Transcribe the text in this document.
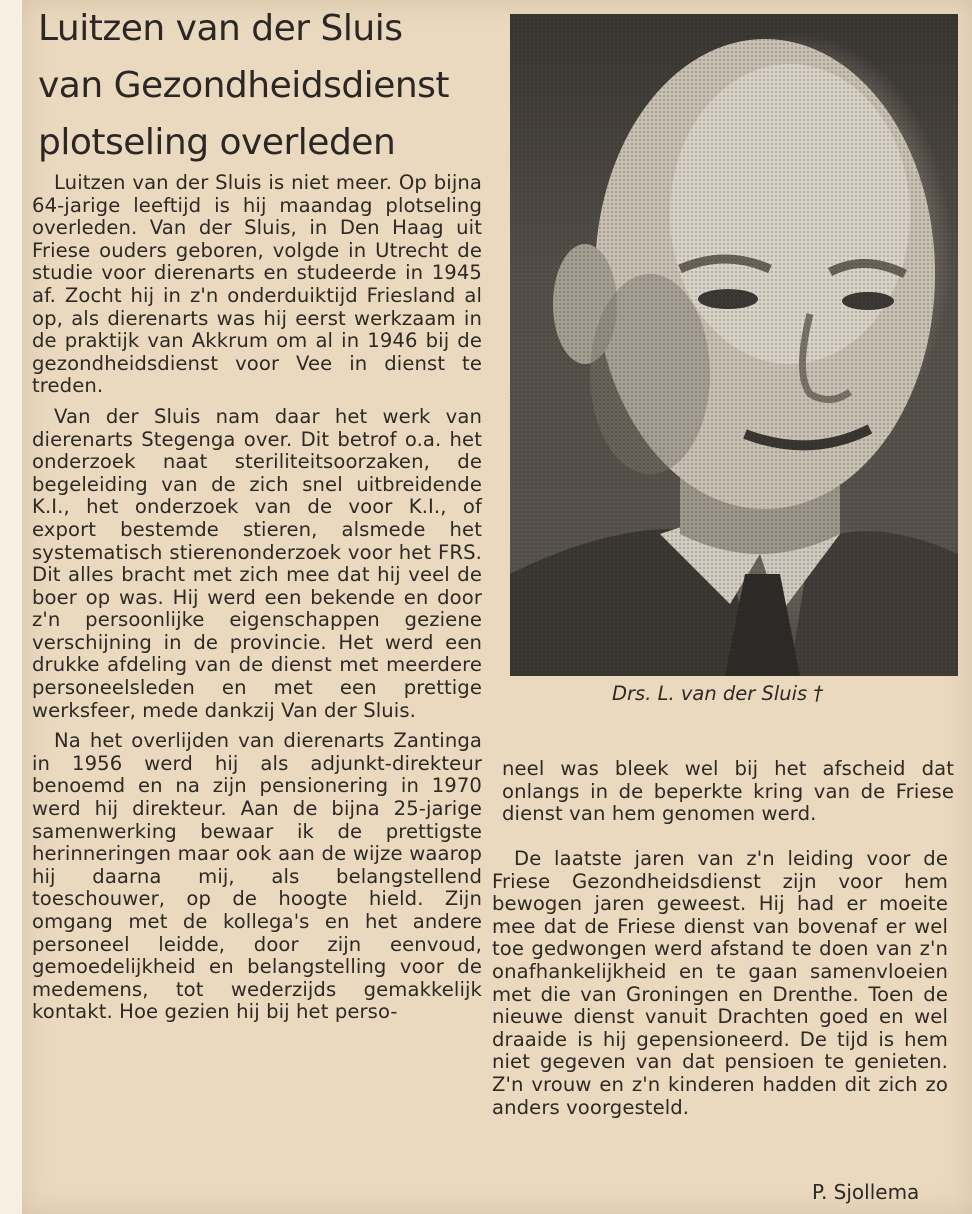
Luitzen van der Sluis
van Gezondheidsdienst
plotseling overleden

Luitzen van der Sluis is niet meer. Op bijna 64-jarige leeftijd is hij maandag plotseling overleden. Van der Sluis, in Den Haag uit Friese ouders geboren, volgde in Utrecht de studie voor dierenarts en studeerde in 1945 af. Zocht hij in z'n onderduiktijd Friesland al op, als dierenarts was hij eerst werkzaam in de praktijk van Akkrum om al in 1946 bij de gezondheidsdienst voor Vee in dienst te treden.

Van der Sluis nam daar het werk van dierenarts Stegenga over. Dit betrof o.a. het onderzoek naat steriliteitsoorzaken, de begeleiding van de zich snel uitbreidende K.I., het onderzoek van de voor K.I., of export bestemde stieren, alsmede het systematisch stierenonderzoek voor het FRS. Dit alles bracht met zich mee dat hij veel de boer op was. Hij werd een bekende en door z'n persoonlijke eigenschappen geziene verschijning in de provincie. Het werd een drukke afdeling van de dienst met meerdere personeelsleden en met een prettige werksfeer, mede dankzij Van der Sluis.

Na het overlijden van dierenarts Zantinga in 1956 werd hij als adjunkt-direkteur benoemd en na zijn pensionering in 1970 werd hij direkteur. Aan de bijna 25-jarige samenwerking bewaar ik de prettigste herinneringen maar ook aan de wijze waarop hij daarna mij, als belangstellend toeschouwer, op de hoogte hield. Zijn omgang met de kollega's en het andere personeel leidde, door zijn eenvoud, gemoedelijkheid en belangstelling voor de medemens, tot wederzijds gemakkelijk kontakt. Hoe gezien hij bij het perso-

Drs. L. van der Sluis †

neel was bleek wel bij het afscheid dat onlangs in de beperkte kring van de Friese dienst van hem genomen werd.

De laatste jaren van z'n leiding voor de Friese Gezondheidsdienst zijn voor hem bewogen jaren geweest. Hij had er moeite mee dat de Friese dienst van bovenaf er wel toe gedwongen werd afstand te doen van z'n onafhankelijkheid en te gaan samenvloeien met die van Groningen en Drenthe. Toen de nieuwe dienst vanuit Drachten goed en wel draaide is hij gepensioneerd. De tijd is hem niet gegeven van dat pensioen te genieten. Z'n vrouw en z'n kinderen hadden dit zich zo anders voorgesteld.

P. Sjollema
